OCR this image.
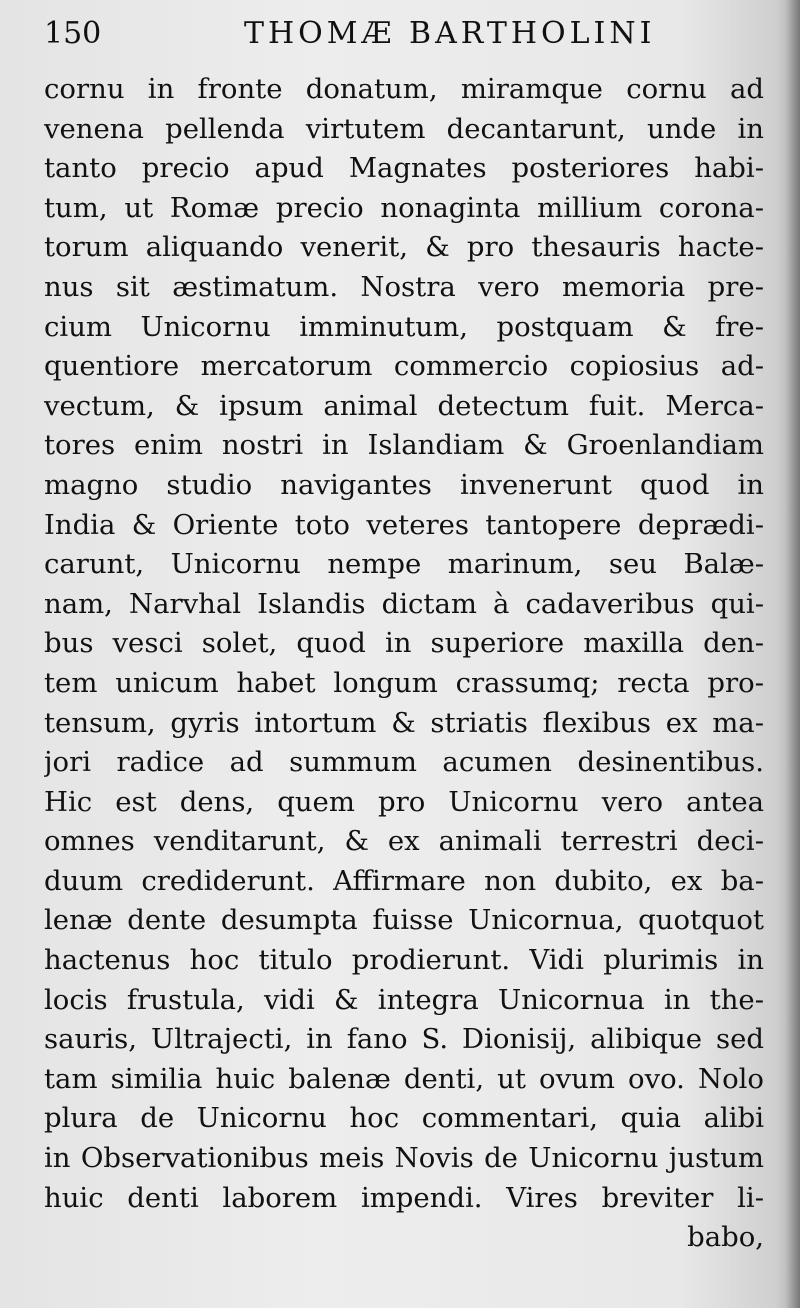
150	THOMÆ BARTHOLINI
cornu in fronte donatum, miramque cornu ad
venena pellenda virtutem decantarunt, unde in
tanto precio apud Magnates posteriores habi-
tum, ut Romæ precio nonaginta millium corona-
torum aliquando venerit, & pro thesauris hacte-
nus sit æstimatum. Nostra vero memoria pre-
cium Unicornu imminutum, postquam & fre-
quentiore mercatorum commercio copiosius ad-
vectum, & ipsum animal detectum fuit. Merca-
tores enim nostri in Islandiam & Groenlandiam
magno studio navigantes invenerunt quod in
India & Oriente toto veteres tantopere deprædi-
carunt, Unicornu nempe marinum, seu Balæ-
nam, Narvhal Islandis dictam à cadaveribus qui-
bus vesci solet, quod in superiore maxilla den-
tem unicum habet longum crassumq; recta pro-
tensum, gyris intortum & striatis flexibus ex ma-
jori radice ad summum acumen desinentibus.
Hic est dens, quem pro Unicornu vero antea
omnes venditarunt, & ex animali terrestri deci-
duum crediderunt. Affirmare non dubito, ex ba-
lenæ dente desumpta fuisse Unicornua, quotquot
hactenus hoc titulo prodierunt. Vidi plurimis in
locis frustula, vidi & integra Unicornua in the-
sauris, Ultrajecti, in fano S. Dionisij, alibique sed
tam similia huic balenæ denti, ut ovum ovo. Nolo
plura de Unicornu hoc commentari, quia alibi
in Observationibus meis Novis de Unicornu justum
huic denti laborem impendi. Vires breviter li-
babo,
